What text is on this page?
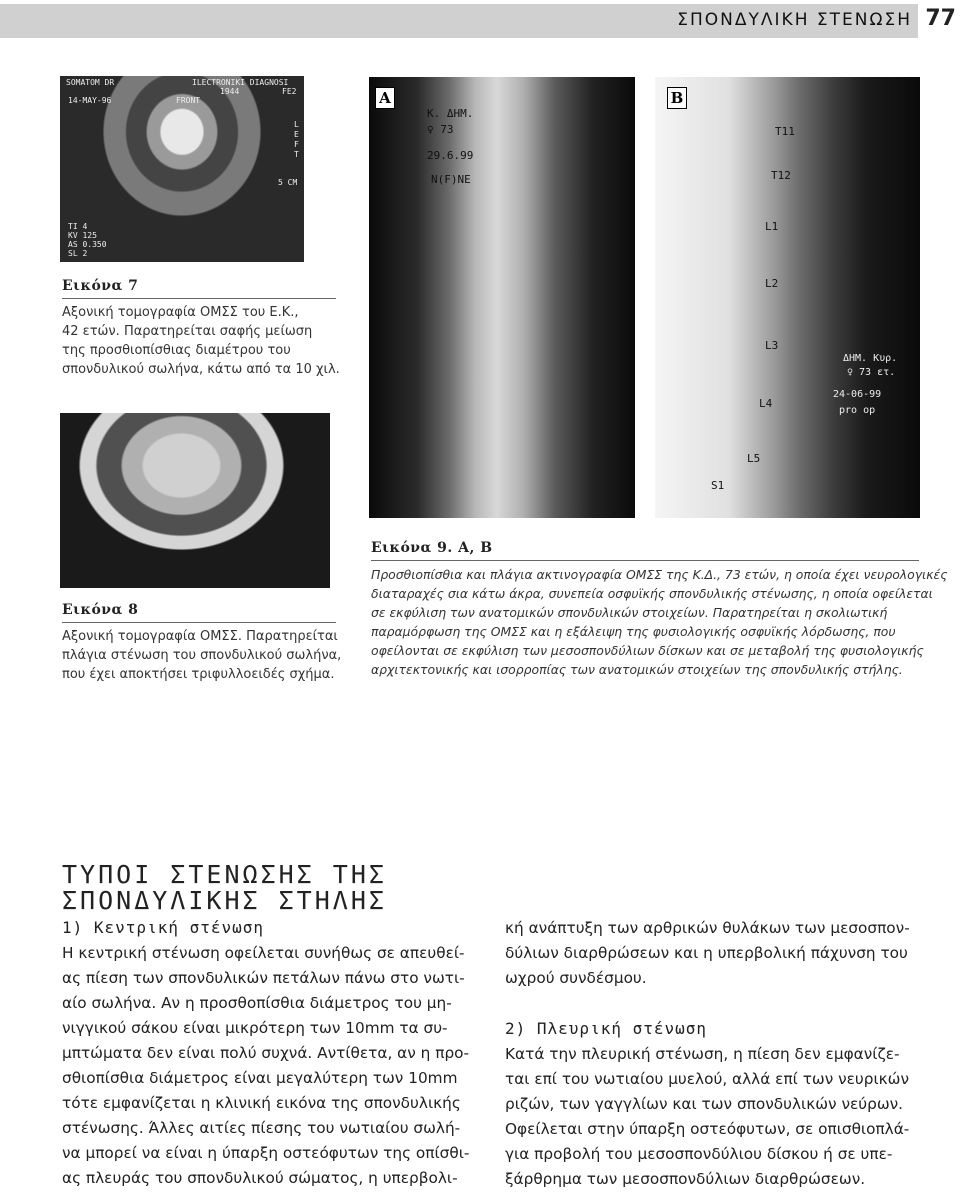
ΣΠΟΝΔΥΛΙΚΗ ΣΤΕΝΩΣΗ 77
SOMATOM DR	ILECTRONIKI DIAGNOSI
1944	FE2
14-MAY-96	FRONT
L
E
F
T
5 CM
TI 4
KV 125
AS 0.350
SL 2
Εικόνα 7
Αξονική τομογραφία ΟΜΣΣ του Ε.Κ.,
42 ετών. Παρατηρείται σαφής μείωση
της προσθιοπίσθιας διαμέτρου του
σπονδυλικού σωλήνα, κάτω από τα 10 χιλ.
Εικόνα 8
Αξονική τομογραφία ΟΜΣΣ. Παρατηρείται
πλάγια στένωση του σπονδυλικού σωλήνα,
που έχει αποκτήσει τριφυλλοειδές σχήμα.
A
Κ. ΔΗΜ.
♀ 73
29.6.99
N(F)NE
B
T11
T12
L1
L2
L3
L4
L5
S1
ΔΗΜ. Κυρ.
♀ 73 ετ.
24-06-99
pro op
Εικόνα 9. Α, Β
Προσθιοπίσθια και πλάγια ακτινογραφία ΟΜΣΣ της Κ.Δ., 73 ετών, η οποία έχει νευρολογικές
διαταραχές σια κάτω άκρα, συνεπεία οσφυϊκής σπονδυλικής στένωσης, η οποία οφείλεται
σε εκφύλιση των ανατομικών σπονδυλικών στοιχείων. Παρατηρείται η σκολιωτική
παραμόρφωση της ΟΜΣΣ και η εξάλειψη της φυσιολογικής οσφυϊκής λόρδωσης, που
οφείλονται σε εκφύλιση των μεσοσπονδύλιων δίσκων και σε μεταβολή της φυσιολογικής
αρχιτεκτονικής και ισορροπίας των ανατομικών στοιχείων της σπονδυλικής στήλης.
ΤΥΠΟΙ ΣΤΕΝΩΣΗΣ ΤΗΣ
ΣΠΟΝΔΥΛΙΚΗΣ ΣΤΗΛΗΣ
1) Κεντρική στένωση
Η κεντρική στένωση οφείλεται συνήθως σε απευθεί-
ας πίεση των σπονδυλικών πετάλων πάνω στο νωτι-
αίο σωλήνα. Αν η προσθοπίσθια διάμετρος του μη-
νιγγικού σάκου είναι μικρότερη των 10mm τα συ-
μπτώματα δεν είναι πολύ συχνά. Αντίθετα, αν η προ-
σθιοπίσθια διάμετρος είναι μεγαλύτερη των 10mm
τότε εμφανίζεται η κλινική εικόνα της σπονδυλικής
στένωσης. Άλλες αιτίες πίεσης του νωτιαίου σωλή-
να μπορεί να είναι η ύπαρξη οστεόφυτων της οπίσθι-
ας πλευράς του σπονδυλικού σώματος, η υπερβολι-
κή ανάπτυξη των αρθρικών θυλάκων των μεσοσπον-
δύλιων διαρθρώσεων και η υπερβολική πάχυνση του
ωχρού συνδέσμου.
2) Πλευρική στένωση
Κατά την πλευρική στένωση, η πίεση δεν εμφανίζε-
ται επί του νωτιαίου μυελού, αλλά επί των νευρικών
ριζών, των γαγγλίων και των σπονδυλικών νεύρων.
Οφείλεται στην ύπαρξη οστεόφυτων, σε οπισθιοπλά-
για προβολή του μεσοσπονδύλιου δίσκου ή σε υπε-
ξάρθρημα των μεσοσπονδύλιων διαρθρώσεων.
